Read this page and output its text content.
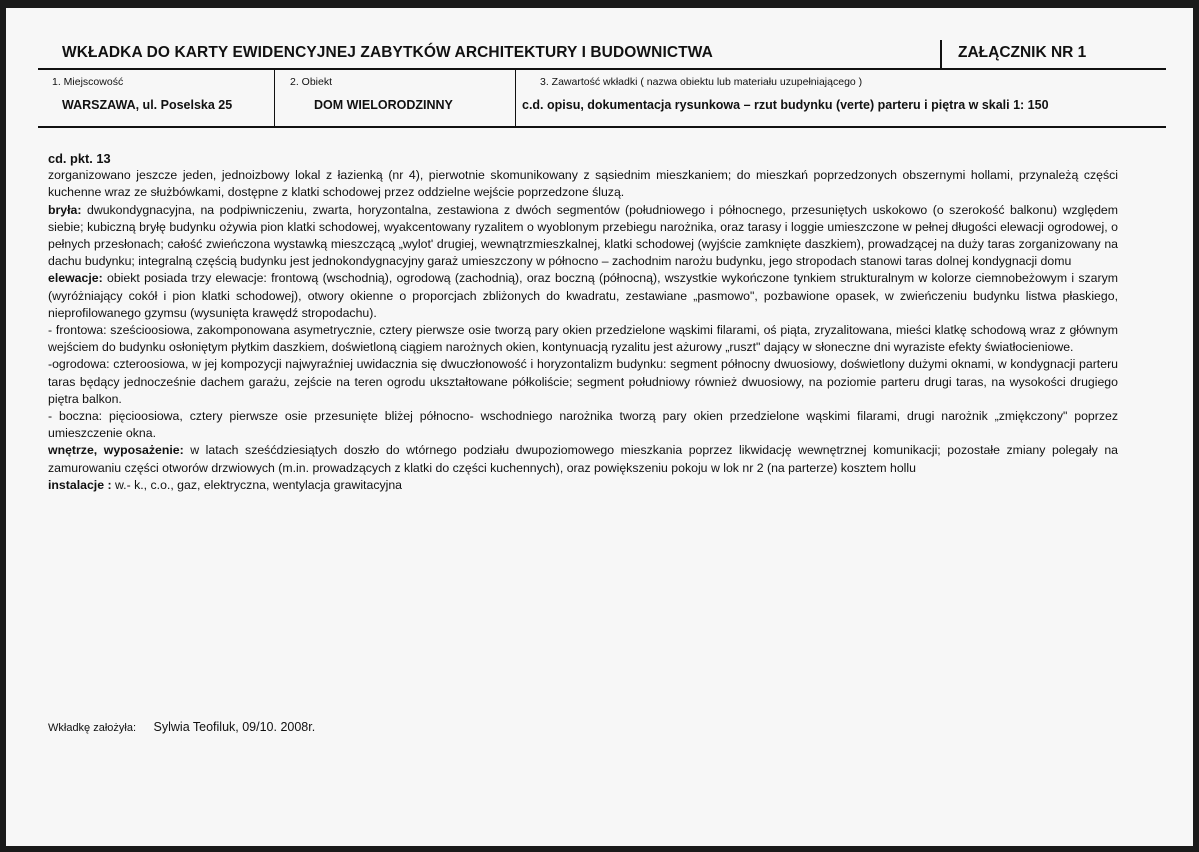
WKŁADKA DO KARTY EWIDENCYJNEJ ZABYTKÓW ARCHITEKTURY I BUDOWNICTWA	ZAŁĄCZNIK NR 1
1. Miejscowość
WARSZAWA, ul. Poselska 25
2. Obiekt
DOM WIELORODZINNY
3. Zawartość wkładki ( nazwa obiektu lub materiału uzupełniającego )
c.d. opisu, dokumentacja rysunkowa – rzut budynku (verte) parteru i piętra w skali 1: 150

cd. pkt. 13

zorganizowano jeszcze jeden, jednoizbowy lokal z łazienką (nr 4), pierwotnie skomunikowany z sąsiednim mieszkaniem; do mieszkań poprzedzonych obszernymi hollami, przynależą części kuchenne wraz ze służbówkami, dostępne z klatki schodowej przez oddzielne wejście poprzedzone śluzą.

bryła: dwukondygnacyjna, na podpiwniczeniu, zwarta, horyzontalna, zestawiona z dwóch segmentów (południowego i północnego, przesuniętych uskokowo (o szerokość balkonu) względem siebie; kubiczną bryłę budynku ożywia pion klatki schodowej, wyakcentowany ryzalitem o wyoblonym przebiegu narożnika, oraz tarasy i loggie umieszczone w pełnej długości elewacji ogrodowej, o pełnych przesłonach; całość zwieńczona wystawką mieszczącą „wylot' drugiej, wewnątrzmieszkalnej, klatki schodowej (wyjście zamknięte daszkiem), prowadzącej na duży taras zorganizowany na dachu budynku; integralną częścią budynku jest jednokondygnacyjny garaż umieszczony w północno – zachodnim narożu budynku, jego stropodach stanowi taras dolnej kondygnacji domu

elewacje: obiekt posiada trzy elewacje: frontową (wschodnią), ogrodową (zachodnią), oraz boczną (północną), wszystkie wykończone tynkiem strukturalnym w kolorze ciemnobeżowym i szarym (wyróżniający cokół i pion klatki schodowej), otwory okienne o proporcjach zbliżonych do kwadratu, zestawiane „pasmowo", pozbawione opasek, w zwieńczeniu budynku listwa płaskiego, nieprofilowanego gzymsu (wysunięta krawędź stropodachu).

- frontowa: sześcioosiowa, zakomponowana asymetrycznie, cztery pierwsze osie tworzą pary okien przedzielone wąskimi filarami, oś piąta, zryzalitowana, mieści klatkę schodową wraz z głównym wejściem do budynku osłoniętym płytkim daszkiem, doświetloną ciągiem narożnych okien, kontynuacją ryzalitu jest ażurowy „ruszt" dający w słoneczne dni wyraziste efekty światłocieniowe.

-ogrodowa: czteroosiowa, w jej kompozycji najwyraźniej uwidacznia się dwuczłonowość i horyzontalizm budynku: segment północny dwuosiowy, doświetlony dużymi oknami, w kondygnacji parteru taras będący jednocześnie dachem garażu, zejście na teren ogrodu ukształtowane półkoliście; segment południowy również dwuosiowy, na poziomie parteru drugi taras, na wysokości drugiego piętra balkon.

- boczna: pięcioosiowa, cztery pierwsze osie przesunięte bliżej północno- wschodniego narożnika tworzą pary okien przedzielone wąskimi filarami, drugi narożnik „zmiękczony" poprzez umieszczenie okna.

wnętrze, wyposażenie: w latach sześćdziesiątych doszło do wtórnego podziału dwupoziomowego mieszkania poprzez likwidację wewnętrznej komunikacji; pozostałe zmiany polegały na zamurowaniu części otworów drzwiowych (m.in. prowadzących z klatki do części kuchennych), oraz powiększeniu pokoju w lok nr 2 (na parterze) kosztem hollu

instalacje : w.- k., c.o., gaz, elektryczna, wentylacja grawitacyjna

Wkładkę założyła: Sylwia Teofiluk, 09/10. 2008r.
